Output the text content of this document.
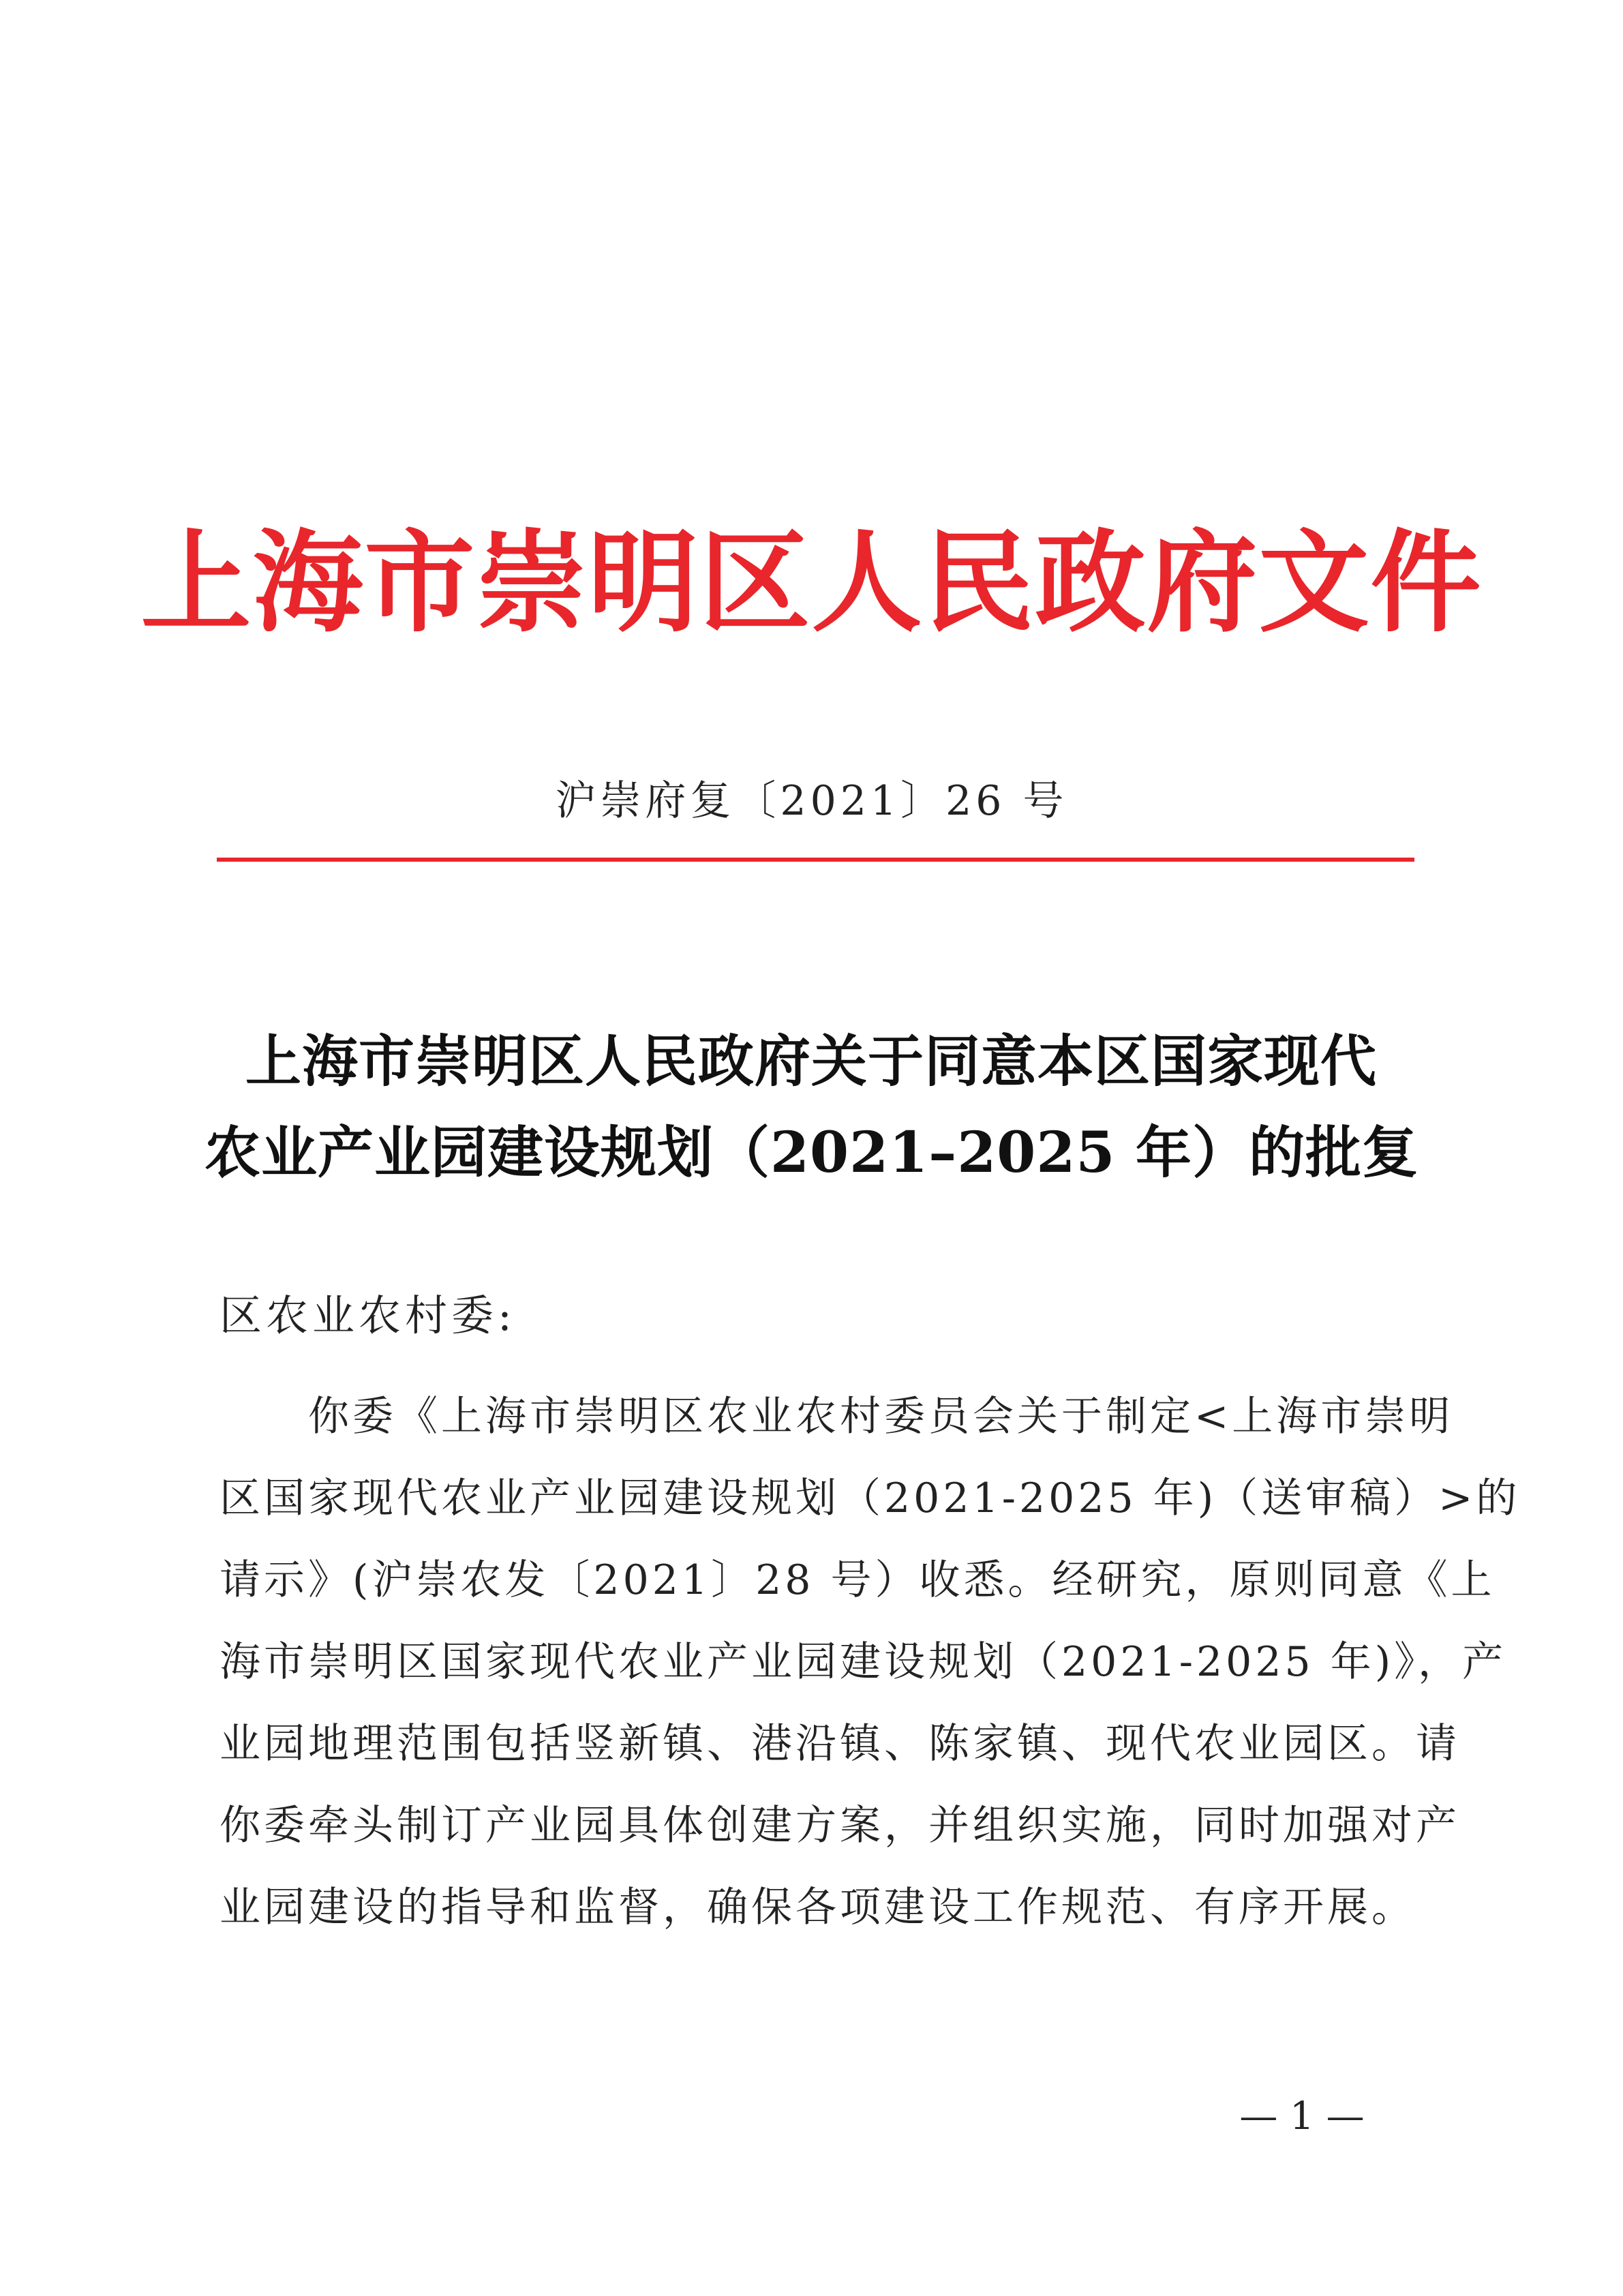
上海市崇明区人民政府文件
沪崇府复〔2021〕26 号
上海市崇明区人民政府关于同意本区国家现代
农业产业园建设规划（2021–2025 年）的批复
区农业农村委:
　　你委《上海市崇明区农业农村委员会关于制定<上海市崇明
区国家现代农业产业园建设规划（2021-2025 年)（送审稿）>的
请示》(沪崇农发〔2021〕28 号）收悉。经研究，原则同意《上
海市崇明区国家现代农业产业园建设规划（2021-2025 年)》，产
业园地理范围包括竖新镇、港沿镇、陈家镇、现代农业园区。请
你委牵头制订产业园具体创建方案，并组织实施，同时加强对产
业园建设的指导和监督，确保各项建设工作规范、有序开展。
— 1 —
